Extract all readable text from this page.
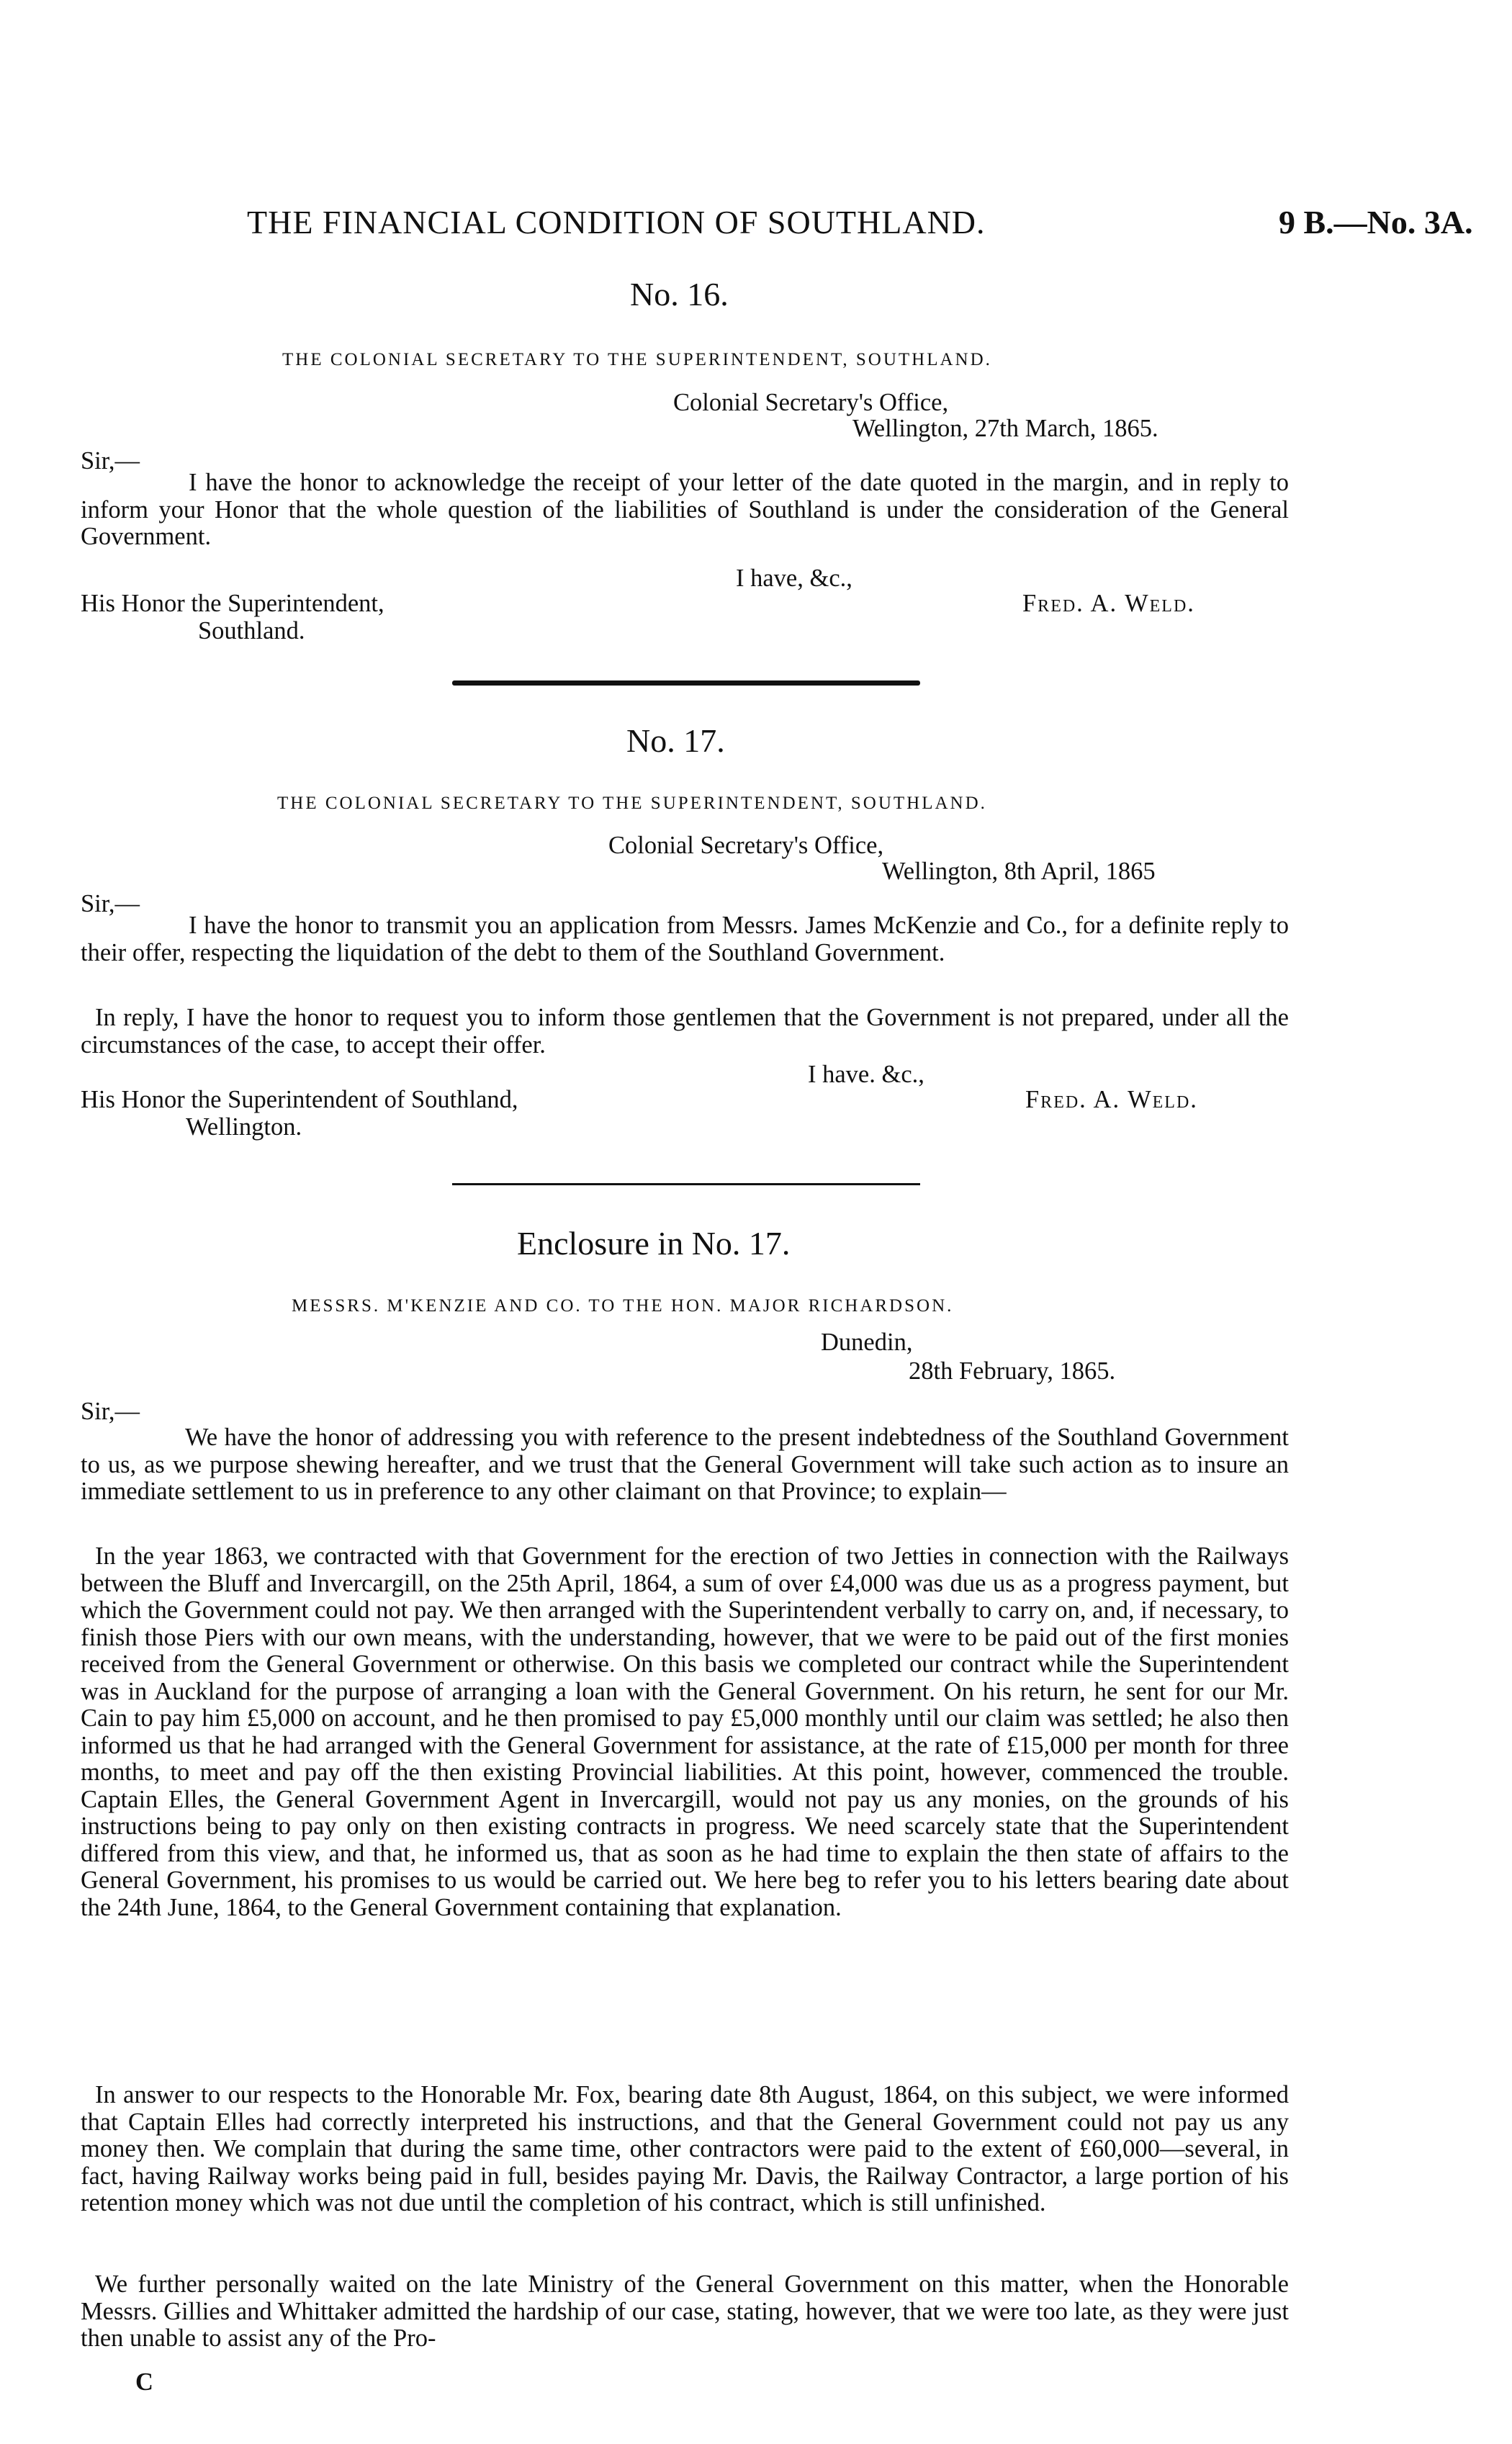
THE FINANCIAL CONDITION OF SOUTHLAND.	9 B.—No. 3A.
No. 16.
THE COLONIAL SECRETARY TO THE SUPERINTENDENT, SOUTHLAND.
Colonial Secretary's Office,
Wellington, 27th March, 1865.
Sir,—
I have the honor to acknowledge the receipt of your letter of the date quoted in the margin, and in reply to inform your Honor that the whole question of the liabilities of Southland is under the consideration of the General Government.
I have, &c.,
His Honor the Superintendent,
Southland.
Fred. A. Weld.
No. 17.
THE COLONIAL SECRETARY TO THE SUPERINTENDENT, SOUTHLAND.
Colonial Secretary's Office,
Wellington, 8th April, 1865
Sir,—
I have the honor to transmit you an application from Messrs. James McKenzie and Co., for a definite reply to their offer, respecting the liquidation of the debt to them of the Southland Government.
In reply, I have the honor to request you to inform those gentlemen that the Government is not prepared, under all the circumstances of the case, to accept their offer.
I have. &c.,
His Honor the Superintendent of Southland,
Wellington.
Fred. A. Weld.
Enclosure in No. 17.
MESSRS. M'KENZIE AND CO. TO THE HON. MAJOR RICHARDSON.
Dunedin,
28th February, 1865.
Sir,—
We have the honor of addressing you with reference to the present indebtedness of the Southland Government to us, as we purpose shewing hereafter, and we trust that the General Government will take such action as to insure an immediate settlement to us in preference to any other claimant on that Province; to explain—
In the year 1863, we contracted with that Government for the erection of two Jetties in connection with the Railways between the Bluff and Invercargill, on the 25th April, 1864, a sum of over £4,000 was due us as a progress payment, but which the Government could not pay. We then arranged with the Superintendent verbally to carry on, and, if necessary, to finish those Piers with our own means, with the understanding, however, that we were to be paid out of the first monies received from the General Government or otherwise. On this basis we completed our contract while the Superintendent was in Auckland for the purpose of arranging a loan with the General Government. On his return, he sent for our Mr. Cain to pay him £5,000 on account, and he then promised to pay £5,000 monthly until our claim was settled; he also then informed us that he had arranged with the General Government for assistance, at the rate of £15,000 per month for three months, to meet and pay off the then existing Provincial liabilities. At this point, however, commenced the trouble. Captain Elles, the General Government Agent in Invercargill, would not pay us any monies, on the grounds of his instructions being to pay only on then existing contracts in progress. We need scarcely state that the Superintendent differed from this view, and that, he informed us, that as soon as he had time to explain the then state of affairs to the General Government, his promises to us would be carried out. We here beg to refer you to his letters bearing date about the 24th June, 1864, to the General Government containing that explanation.
In answer to our respects to the Honorable Mr. Fox, bearing date 8th August, 1864, on this subject, we were informed that Captain Elles had correctly interpreted his instructions, and that the General Government could not pay us any money then. We complain that during the same time, other contractors were paid to the extent of £60,000—several, in fact, having Railway works being paid in full, besides paying Mr. Davis, the Railway Contractor, a large portion of his retention money which was not due until the completion of his contract, which is still unfinished.
We further personally waited on the late Ministry of the General Government on this matter, when the Honorable Messrs. Gillies and Whittaker admitted the hardship of our case, stating, however, that we were too late, as they were just then unable to assist any of the Pro-
C
